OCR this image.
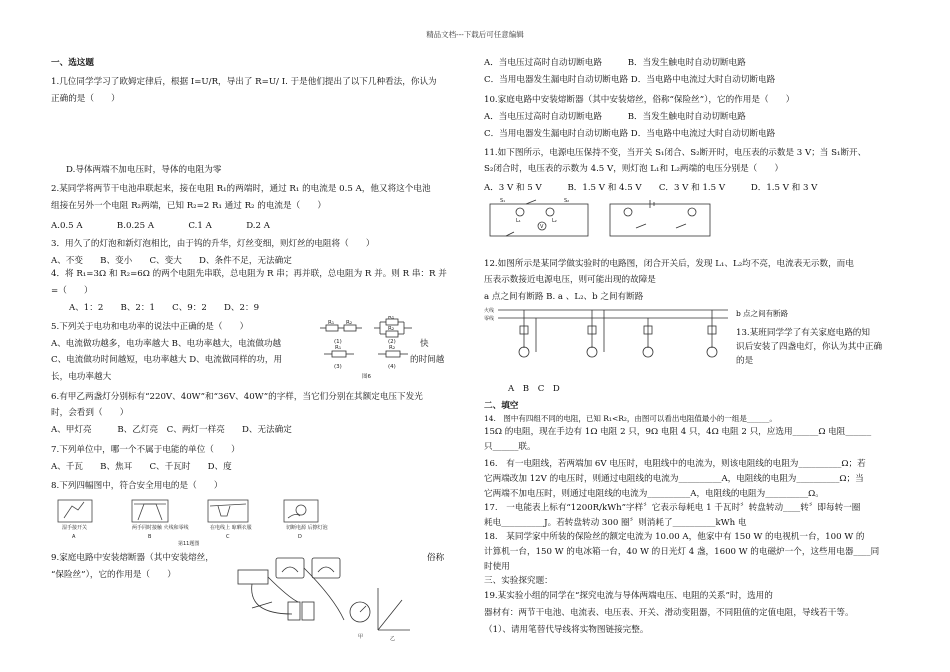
精品文档---下载后可任意编辑
一、选这题
1.几位同学学习了欧姆定律后，根据 I=U/R，导出了 R=U/ I. 于是他们提出了以下几种看法，你认为
正确的是（　　）
D.导体两端不加电压时，导体的电阻为零
2.某同学将两节干电池串联起来，接在电阻 R₁的两端时，通过 R₁ 的电流是 0.5 A，他又将这个电池
组接在另外一个电阻 R₂两端，已知 R₂=2 R₁ 通过 R₂ 的电流是（　　）
A.0.5 A　　　　B.0.25 A　　　　C.1 A　　　　D.2 A
3．用久了的灯泡和新灯泡相比，由于钨的升华，灯丝变细，则灯丝的电阻将（　　）
A、不变　　B、变小　　C、变大　　D、条件不足，无法确定
4．将 R₁=3Ω 和 R₂=6Ω 的两个电阻先串联，总电阻为 R 串；再并联，总电阻为 R 并。则 R 串：R 并
=（　　）
A、1：2　　B、2：1　　C、9：2　　D、2：9
5.下列关于电功和电功率的说法中正确的是（　　）
A、电流做功越多，电功率越大 B、电功率越大，电流做功越	快
C、电流做功时间越短，电功率越大 D、电流做同样的功，用	的时间越
长，电功率越大
R₁ R₂
R₁
R₂
R₁	R₂
(1)	(2)
(3)	(4)
图6
6.有甲乙两盏灯分别标有“220V、40W”和“36V、40W”的字样，当它们分别在其额定电压下发光
时，会看到（　　）
A、甲灯亮　　　B、乙灯亮　C、两灯一样亮　　D、无法确定
7.下列单位中，哪一个不属于电能的单位（　　）
A、千瓦　　B、焦耳　　C、千瓦时　　D、度
8.下列四幅图中，符合安全用电的是（　　）
湿手接开关	两手同时接触 火线和零线	在电线上 晾晒衣服	切断电源 后擦灯泡
A	B	C	D
第11题图
9.家庭电路中安装熔断器（其中安装熔丝，	俗称
“保险丝”），它的作用是（　　）
甲	乙
A．当电压过高时自动切断电路　　　B．当发生触电时自动切断电路
C．当用电器发生漏电时自动切断电路 D．当电路中电流过大时自动切断电路
10.家庭电路中安装熔断器（其中安装熔丝，俗称“保险丝”），它的作用是（　　）
A．当电压过高时自动切断电路　　　B．当发生触电时自动切断电路
C．当用电器发生漏电时自动切断电路 D．当电路中电流过大时自动切断电路
11.如下图所示，电源电压保持不变，当开关 S₁闭合、S₂断开时，电压表的示数是 3 V；当 S₁断开、
S₂闭合时，电压表的示数为 4.5 V，则灯泡 L₁和 L₂两端的电压分别是（　　）
A．3 V 和 5 V　　　B．1.5 V 和 4.5 V　　C．3 V 和 1.5 V　　　D．1.5 V 和 3 V
S₁	S₂
L₁	L₂
V
12.如图所示是某同学做实验时的电路图，闭合开关后，发现 L₁、L₂均不亮，电流表无示数，而电
压表示数接近电源电压，则可能出现的故障是
a 点之间有断路 B. a 、L₂、b 之间有断路
火线
零线
b 点之间有断路
13.某班同学学了有关家庭电路的知
识后安装了四盏电灯，你认为其中正确
的是
A　B　C　D
二、填空
14.　图中有四组不同的电阻，已知 R₁<R₂，由图可以看出电阻值最小的一组是______。
15Ω 的电阻，现在手边有 1Ω 电阻 2 只，9Ω 电阻 4 只，4Ω 电阻 2 只，应选用______Ω 电阻______
只______联。
16.　有一电阻线，若两端加 6V 电压时，电阻线中的电流为，则该电阻线的电阻为__________Ω；若
它两端改加 12V 的电压时，则通过电阻线的电流为__________A，电阻线的电阻为__________Ω；当
它两端不加电压时，则通过电阻线的电流为__________A，电阻线的电阻为__________Ω。
17.　一电能表上标有“1200R/kWh”字样〞它表示每耗电 1 千瓦时〞转盘转动____转〞即每转一圈
耗电__________J。若转盘转动 300 圈〞则消耗了__________kWh 电
18.　某同学家中所装的保险丝的额定电流为 10.00 A，他家中有 150 W 的电视机一台，100 W 的
计算机一台，150 W 的电冰箱一台，40 W 的日光灯 4 盏，1600 W 的电磁炉一个，这些用电器____同
时使用
三、实验探究题：
19.某实验小组的同学在“探究电流与导体两端电压、电阻的关系”时，选用的
器材有：两节干电池、电流表、电压表、开关、滑动变阻器，不同阻值的定值电阻，导线若干等。
（1）、请用笔替代导线将实物图链接完整。
